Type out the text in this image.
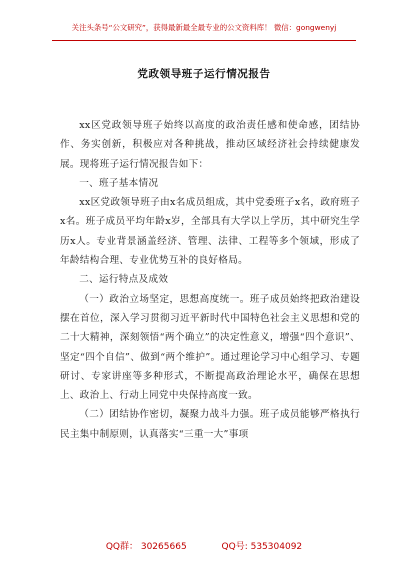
关注头条号“公文研究”，获得最新最全最专业的公文资料库！ 微信：gongwenyj
党政领导班子运行情况报告

xx区党政领导班子始终以高度的政治责任感和使命感，团结协作、务实创新，积极应对各种挑战，推动区域经济社会持续健康发展。现将班子运行情况报告如下：

一、班子基本情况

xx区党政领导班子由x名成员组成，其中党委班子x名，政府班子x名。班子成员平均年龄x岁，全部具有大学以上学历，其中研究生学历x人。专业背景涵盖经济、管理、法律、工程等多个领域，形成了年龄结构合理、专业优势互补的良好格局。

二、运行特点及成效

（一）政治立场坚定，思想高度统一。班子成员始终把政治建设摆在首位，深入学习贯彻习近平新时代中国特色社会主义思想和党的二十大精神，深刻领悟“两个确立”的决定性意义，增强“四个意识”、坚定“四个自信”、做到“两个维护”。通过理论学习中心组学习、专题研讨、专家讲座等多种形式，不断提高政治理论水平，确保在思想上、政治上、行动上同党中央保持高度一致。

（二）团结协作密切，凝聚力战斗力强。班子成员能够严格执行民主集中制原则，认真落实“三重一大”事项

QQ群： 30265665	QQ号: 535304092
